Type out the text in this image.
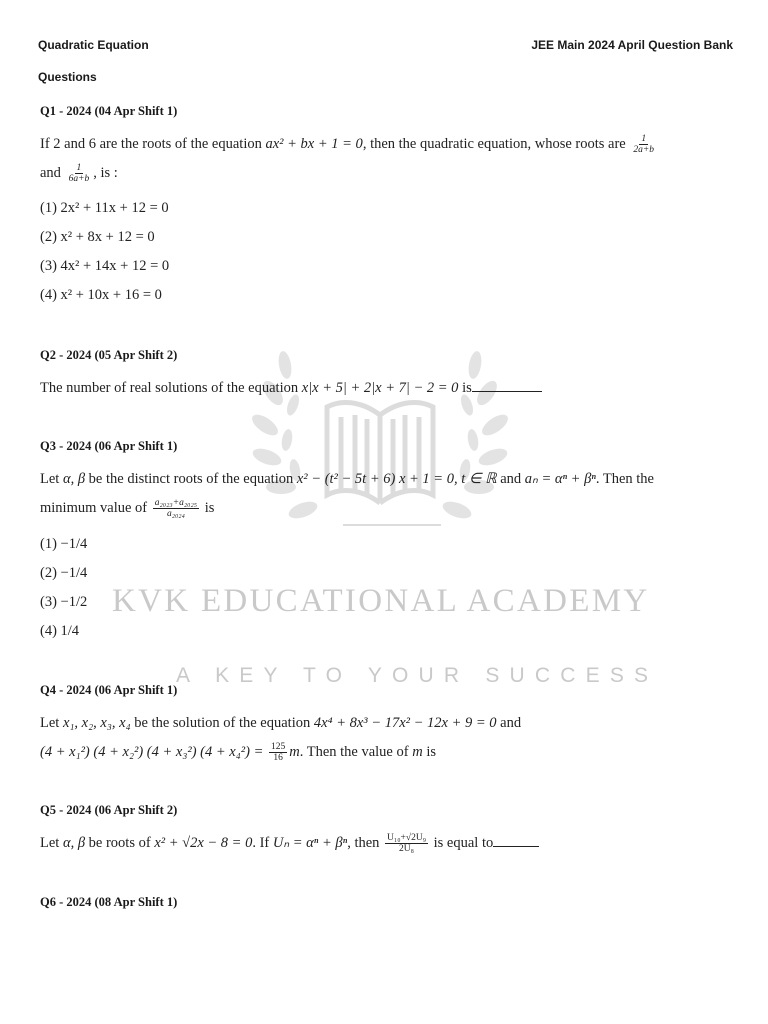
KVK EDUCATIONAL ACADEMY
A KEY TO YOUR SUCCESS
Quadratic Equation	JEE Main 2024 April Question Bank
Questions
Q1 - 2024 (04 Apr Shift 1)
If 2 and 6 are the roots of the equation ax² + bx + 1 = 0, then the quadratic equation, whose roots are $\frac{1}{2a+b}$
and $\frac{1}{6a+b}$ , is :
(1) 2x² + 11x + 12 = 0
(2) x² + 8x + 12 = 0
(3) 4x² + 14x + 12 = 0
(4) x² + 10x + 16 = 0
Q2 - 2024 (05 Apr Shift 2)
The number of real solutions of the equation x|x + 5| + 2|x + 7| − 2 = 0 is
Q3 - 2024 (06 Apr Shift 1)
Let α, β be the distinct roots of the equation x² − (t² − 5t + 6) x + 1 = 0, t ∈ ℝ and aₙ = αⁿ + βⁿ. Then the
minimum value of $\frac{\text{a₂₀₂₃+a₂₀₂₅}}{\text{a₂₀₂₄}}$ is
(1) −1/4
(2) −1/4
(3) −1/2
(4) 1/4
Q4 - 2024 (06 Apr Shift 1)
Let x₁, x₂, x₃, x₄ be the solution of the equation 4x⁴ + 8x³ − 17x² − 12x + 9 = 0 and
(4 + x₁²) (4 + x₂²) (4 + x₃²) $(4 + x_4^2) = \frac{125}{16} m$. Then the value of m is
Q5 - 2024 (06 Apr Shift 2)
Let α, β be roots of x² + √2x − 8 = 0. If Uₙ = αⁿ + βⁿ, then $\frac{\text{U₁₀+√2U₉}}{\text{2U₈}}$ is equal to
Q6 - 2024 (08 Apr Shift 1)
